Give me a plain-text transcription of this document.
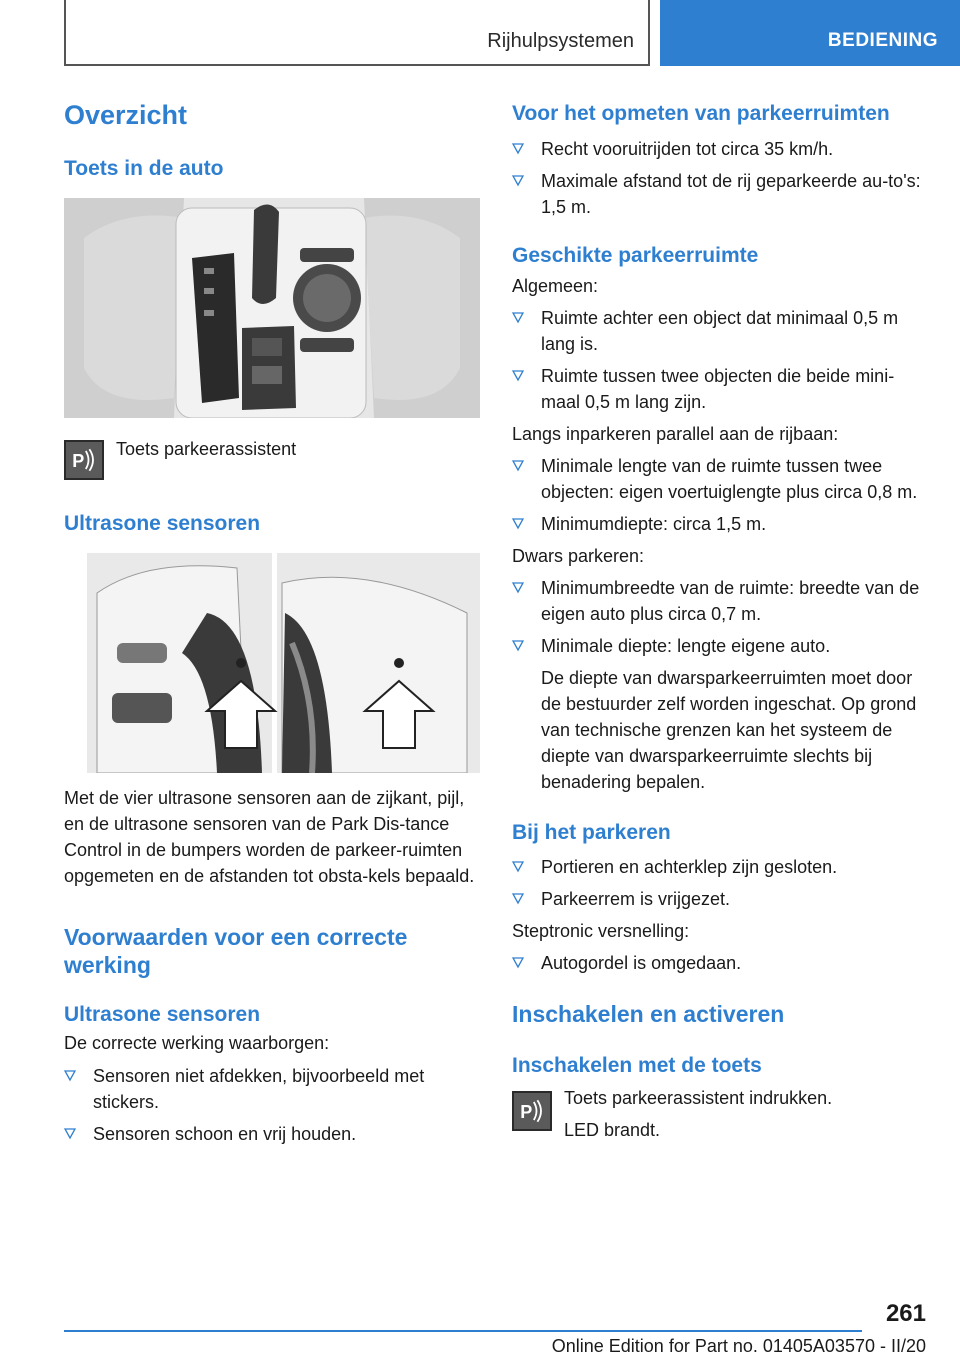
Rijhulpsystemen	BEDIENING
Overzicht
Toets in de auto
P

Toets parkeerassistent

Ultrasone sensoren

Met de vier ultrasone sensoren aan de zijkant, pijl, en de ultrasone sensoren van de Park Dis-tance Control in de bumpers worden de parkeer-ruimten opgemeten en de afstanden tot obsta-kels bepaald.

Voorwaarden voor een correcte werking
Ultrasone sensoren

De correcte werking waarborgen:

Sensoren niet afdekken, bijvoorbeeld met stickers.
Sensoren schoon en vrij houden.
Voor het opmeten van parkeerruimten
Recht vooruitrijden tot circa 35 km/h.
Maximale afstand tot de rij geparkeerde au-to's: 1,5 m.
Geschikte parkeerruimte

Algemeen:

Ruimte achter een object dat minimaal 0,5 m lang is.
Ruimte tussen twee objecten die beide mini-maal 0,5 m lang zijn.

Langs inparkeren parallel aan de rijbaan:

Minimale lengte van de ruimte tussen twee objecten: eigen voertuiglengte plus circa 0,8 m.
Minimumdiepte: circa 1,5 m.

Dwars parkeren:

Minimumbreedte van de ruimte: breedte van de eigen auto plus circa 0,7 m.
Minimale diepte: lengte eigene auto.

De diepte van dwarsparkeerruimten moet door de bestuurder zelf worden ingeschat. Op grond van technische grenzen kan het systeem de diepte van dwarsparkeerruimte slechts bij benadering bepalen.

Bij het parkeren
Portieren en achterklep zijn gesloten.
Parkeerrem is vrijgezet.

Steptronic versnelling:

Autogordel is omgedaan.
Inschakelen en activeren
Inschakelen met de toets
P

Toets parkeerassistent indrukken.

LED brandt.

261
Online Edition for Part no. 01405A03570 - II/20
